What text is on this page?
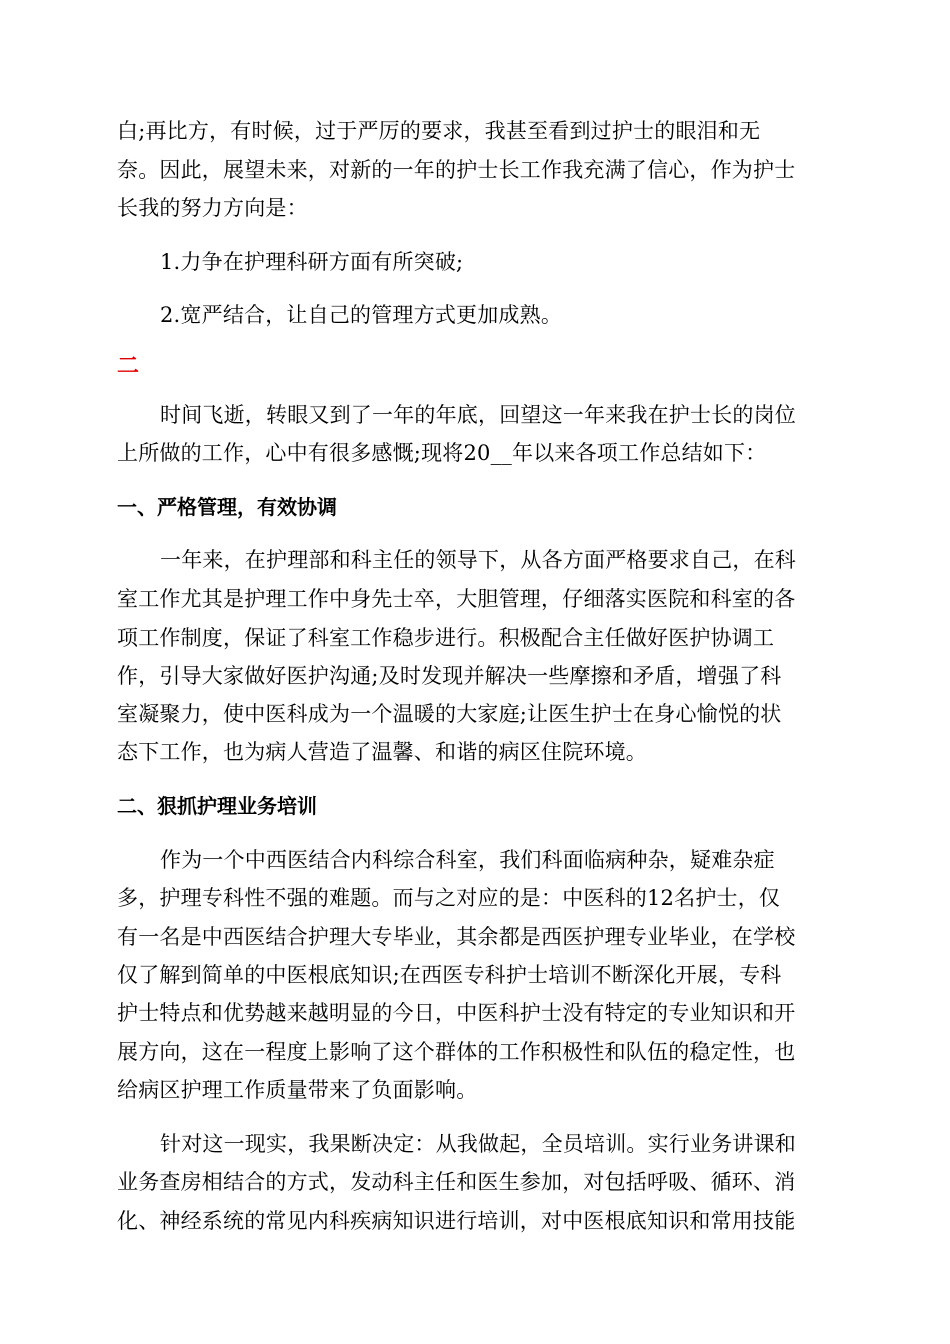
白;再比方，有时候，过于严厉的要求，我甚至看到过护士的眼泪和无
奈。因此，展望未来，对新的一年的护士长工作我充满了信心，作为护士
长我的努力方向是：
1.力争在护理科研方面有所突破;
2.宽严结合，让自己的管理方式更加成熟。
二
时间飞逝，转眼又到了一年的年底，回望这一年来我在护士长的岗位
上所做的工作，心中有很多感慨;现将20__年以来各项工作总结如下：
一、严格管理，有效协调
一年来，在护理部和科主任的领导下，从各方面严格要求自己，在科
室工作尤其是护理工作中身先士卒，大胆管理，仔细落实医院和科室的各
项工作制度，保证了科室工作稳步进行。积极配合主任做好医护协调工
作，引导大家做好医护沟通;及时发现并解决一些摩擦和矛盾，增强了科
室凝聚力，使中医科成为一个温暖的大家庭;让医生护士在身心愉悦的状
态下工作，也为病人营造了温馨、和谐的病区住院环境。
二、狠抓护理业务培训
作为一个中西医结合内科综合科室，我们科面临病种杂，疑难杂症
多，护理专科性不强的难题。而与之对应的是：中医科的12名护士，仅
有一名是中西医结合护理大专毕业，其余都是西医护理专业毕业，在学校
仅了解到简单的中医根底知识;在西医专科护士培训不断深化开展，专科
护士特点和优势越来越明显的今日，中医科护士没有特定的专业知识和开
展方向，这在一程度上影响了这个群体的工作积极性和队伍的稳定性，也
给病区护理工作质量带来了负面影响。
针对这一现实，我果断决定：从我做起，全员培训。实行业务讲课和
业务查房相结合的方式，发动科主任和医生参加，对包括呼吸、循环、消
化、神经系统的常见内科疾病知识进行培训，对中医根底知识和常用技能
